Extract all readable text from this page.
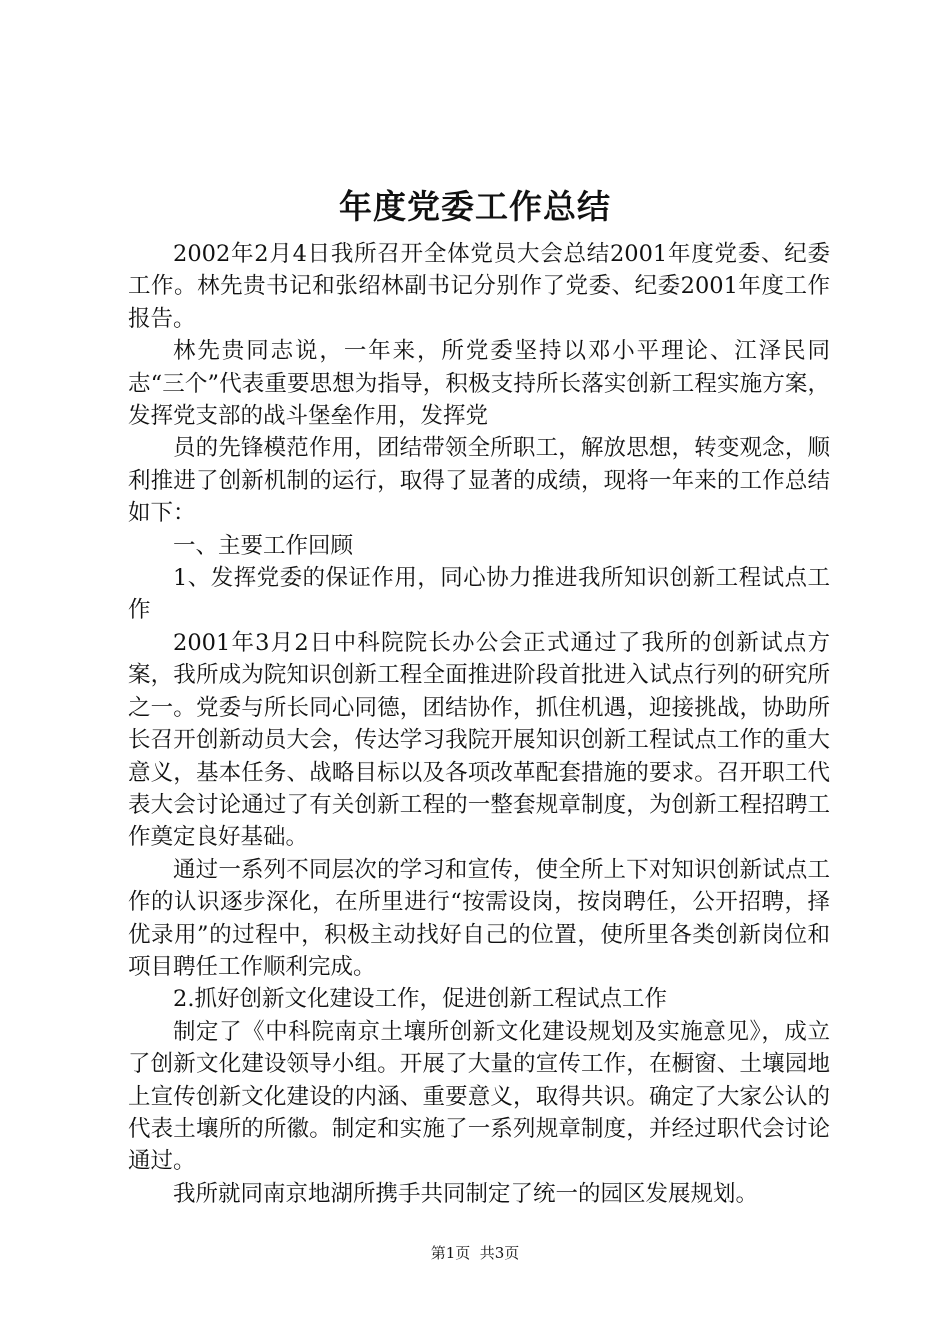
年度党委工作总结

2002年2月4日我所召开全体党员大会总结2001年度党委、纪委工作。林先贵书记和张绍林副书记分别作了党委、纪委2001年度工作报告。

林先贵同志说，一年来，所党委坚持以邓小平理论、江泽民同志“三个”代表重要思想为指导，积极支持所长落实创新工程实施方案，发挥党支部的战斗堡垒作用，发挥党

员的先锋模范作用，团结带领全所职工，解放思想，转变观念，顺利推进了创新机制的运行，取得了显著的成绩，现将一年来的工作总结如下：

一、主要工作回顾

1、发挥党委的保证作用，同心协力推进我所知识创新工程试点工作

2001年3月2日中科院院长办公会正式通过了我所的创新试点方案，我所成为院知识创新工程全面推进阶段首批进入试点行列的研究所之一。党委与所长同心同德，团结协作，抓住机遇，迎接挑战，协助所长召开创新动员大会，传达学习我院开展知识创新工程试点工作的重大意义，基本任务、战略目标以及各项改革配套措施的要求。召开职工代表大会讨论通过了有关创新工程的一整套规章制度，为创新工程招聘工作奠定良好基础。

通过一系列不同层次的学习和宣传，使全所上下对知识创新试点工作的认识逐步深化，在所里进行“按需设岗，按岗聘任，公开招聘，择优录用”的过程中，积极主动找好自己的位置，使所里各类创新岗位和项目聘任工作顺利完成。

2.抓好创新文化建设工作，促进创新工程试点工作

制定了《中科院南京土壤所创新文化建设规划及实施意见》，成立了创新文化建设领导小组。开展了大量的宣传工作，在橱窗、土壤园地上宣传创新文化建设的内涵、重要意义，取得共识。确定了大家公认的代表土壤所的所徽。制定和实施了一系列规章制度，并经过职代会讨论通过。

我所就同南京地湖所携手共同制定了统一的园区发展规划。

第1页  共3页
